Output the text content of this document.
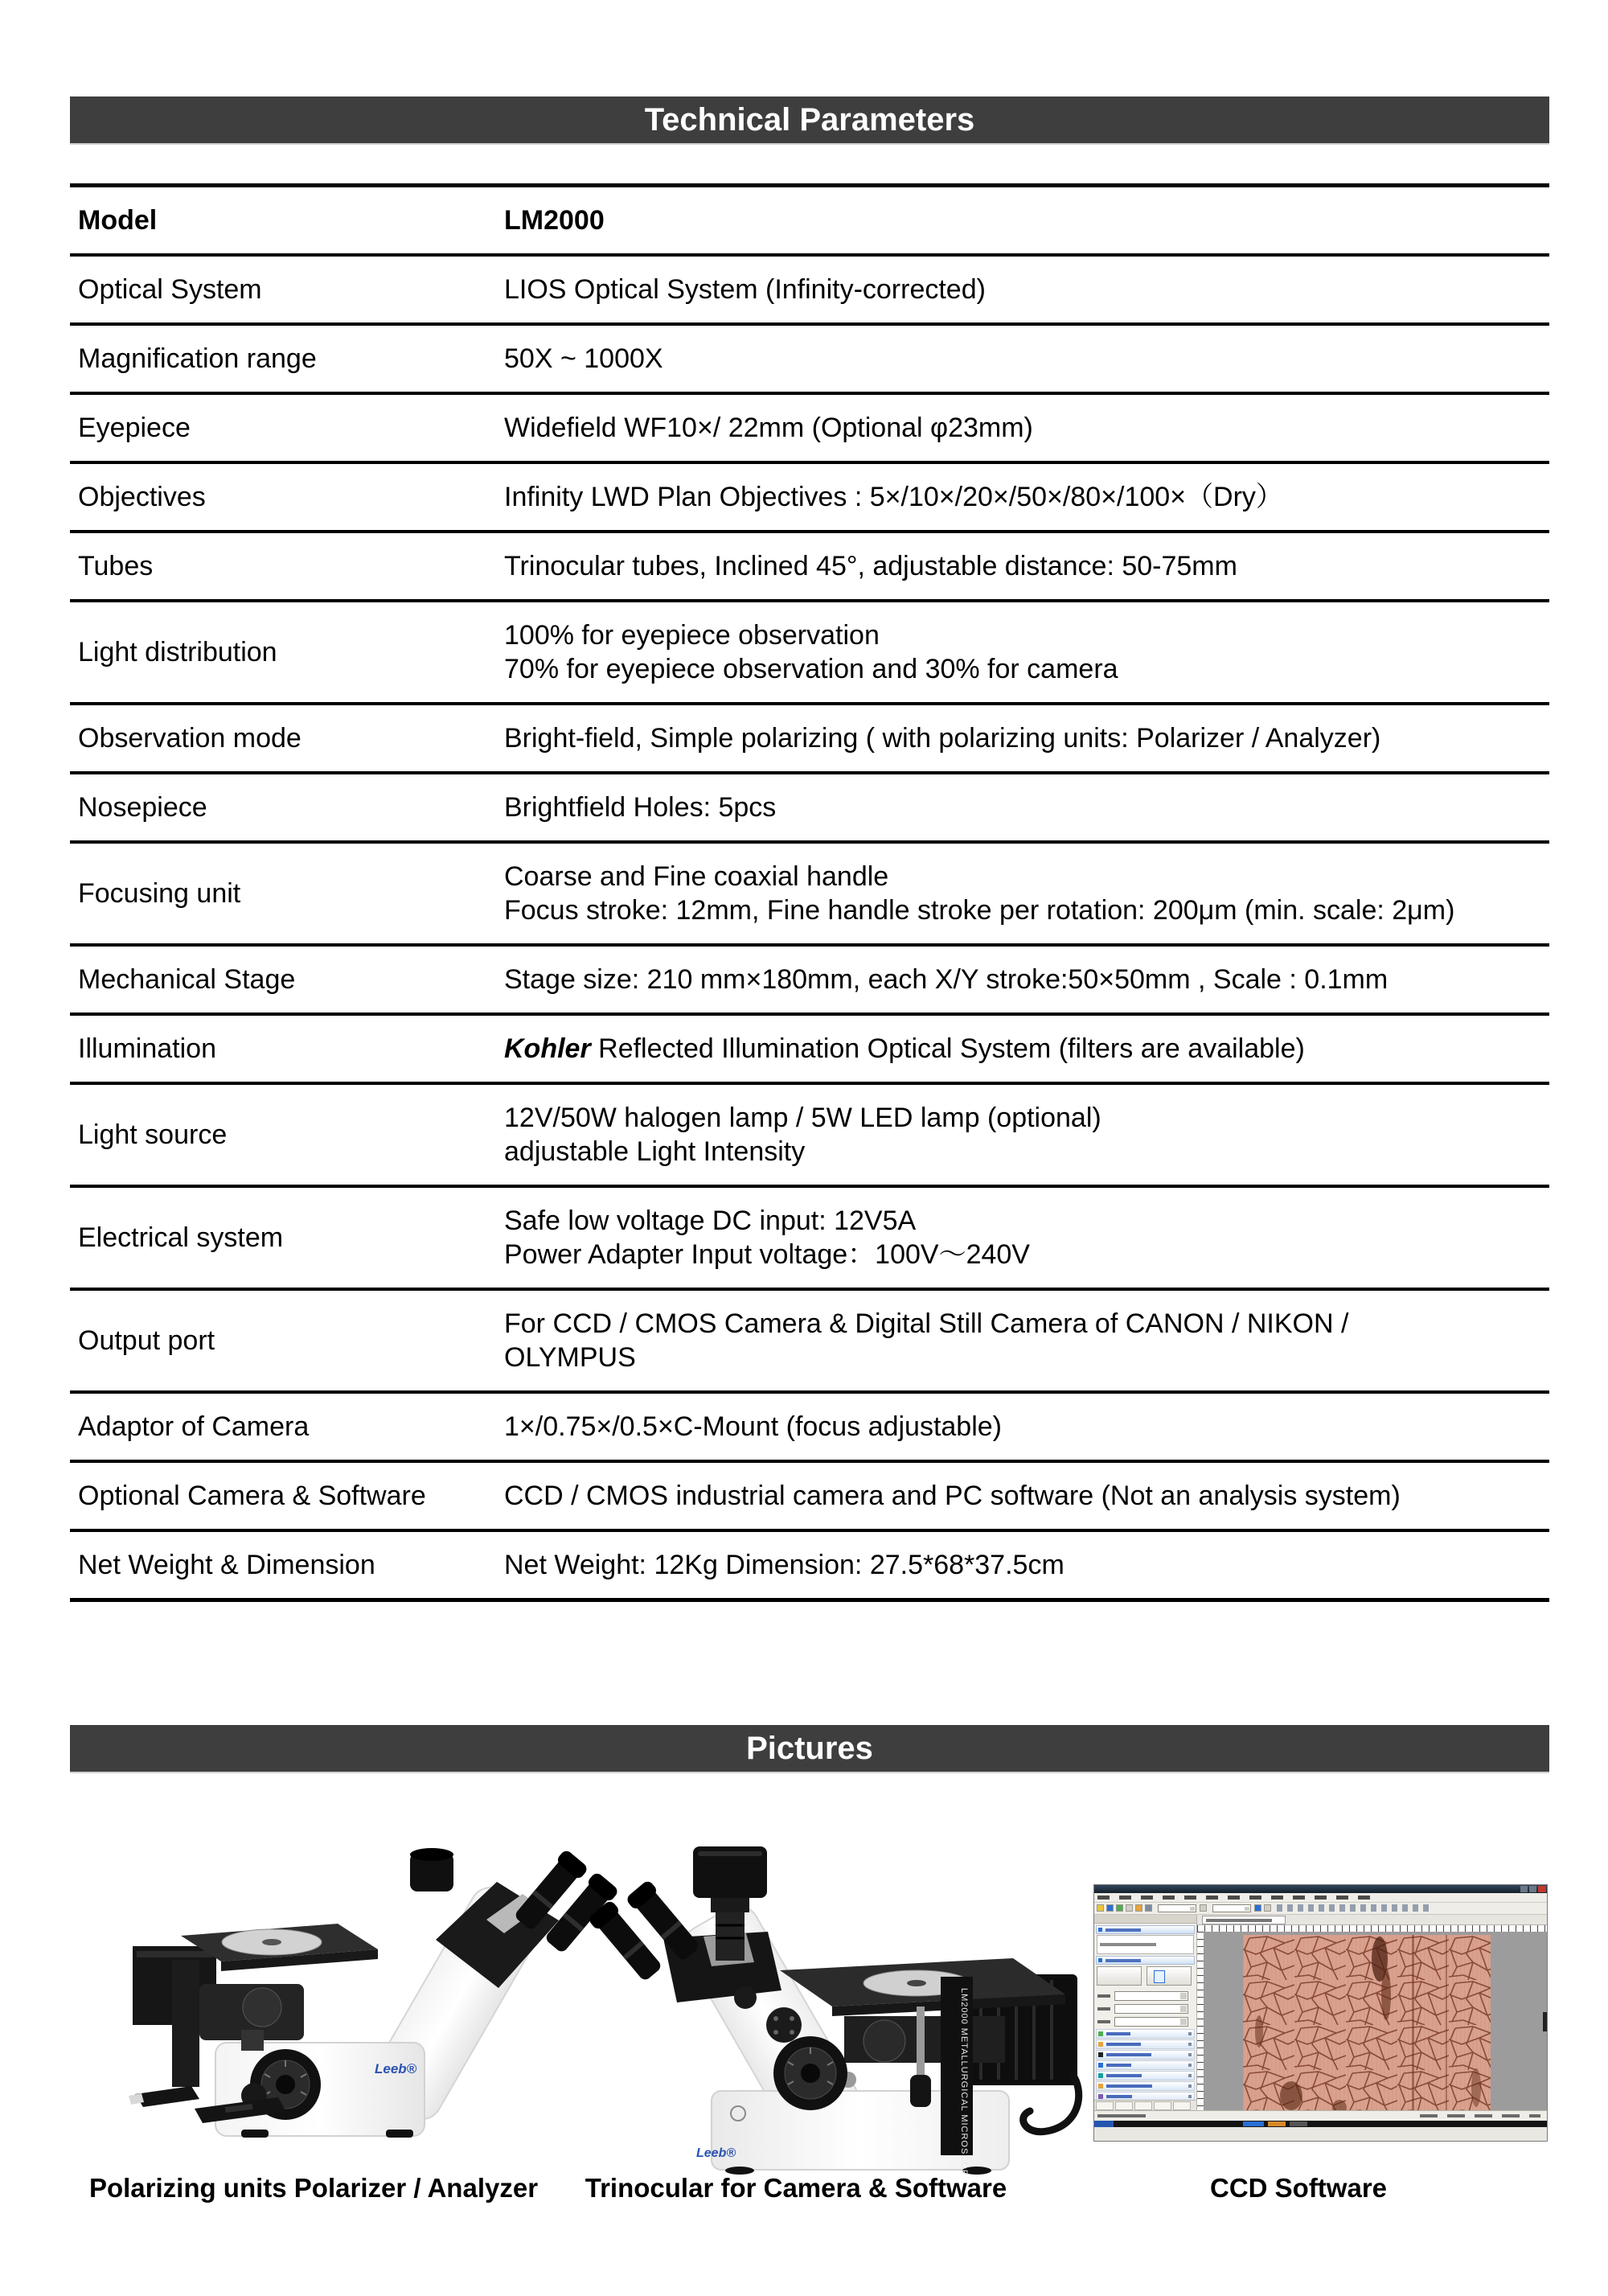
Technical Parameters
Model	LM2000

Optical System	LIOS Optical System (Infinity-corrected)

Magnification range	50X ~ 1000X

Eyepiece	Widefield WF10×/ 22mm (Optional φ23mm)

Objectives	Infinity LWD Plan Objectives : 5×/10×/20×/50×/80×/100×（Dry）

Tubes	Trinocular tubes, Inclined 45°, adjustable distance: 50-75mm

Light distribution	100% for eyepiece observation
70% for eyepiece observation and 30% for camera

Observation mode	Bright-field, Simple polarizing ( with polarizing units: Polarizer / Analyzer)

Nosepiece	Brightfield Holes: 5pcs

Focusing unit	Coarse and Fine coaxial handle
Focus stroke: 12mm, Fine handle stroke per rotation: 200μm (min. scale: 2μm)

Mechanical Stage	Stage size: 210 mm×180mm, each X/Y stroke:50×50mm , Scale : 0.1mm

Illumination	Kohler Reflected Illumination Optical System (filters are available)

Light source	12V/50W halogen lamp / 5W LED lamp (optional)
adjustable Light Intensity

Electrical system	Safe low voltage DC input: 12V5A
Power Adapter Input voltage：100V～240V

Output port	For CCD / CMOS Camera & Digital Still Camera of CANON / NIKON /
OLYMPUS

Adaptor of Camera	1×/0.75×/0.5×C-Mount (focus adjustable)

Optional Camera & Software	CCD / CMOS industrial camera and PC software (Not an analysis system)

Net Weight & Dimension	Net Weight: 12Kg Dimension: 27.5*68*37.5cm
Pictures
Leeb®	LM2000 METALLURGICAL MICROSCOPE
Leeb®

Polarizing units Polarizer / Analyzer	Trinocular for Camera & Software	CCD Software
